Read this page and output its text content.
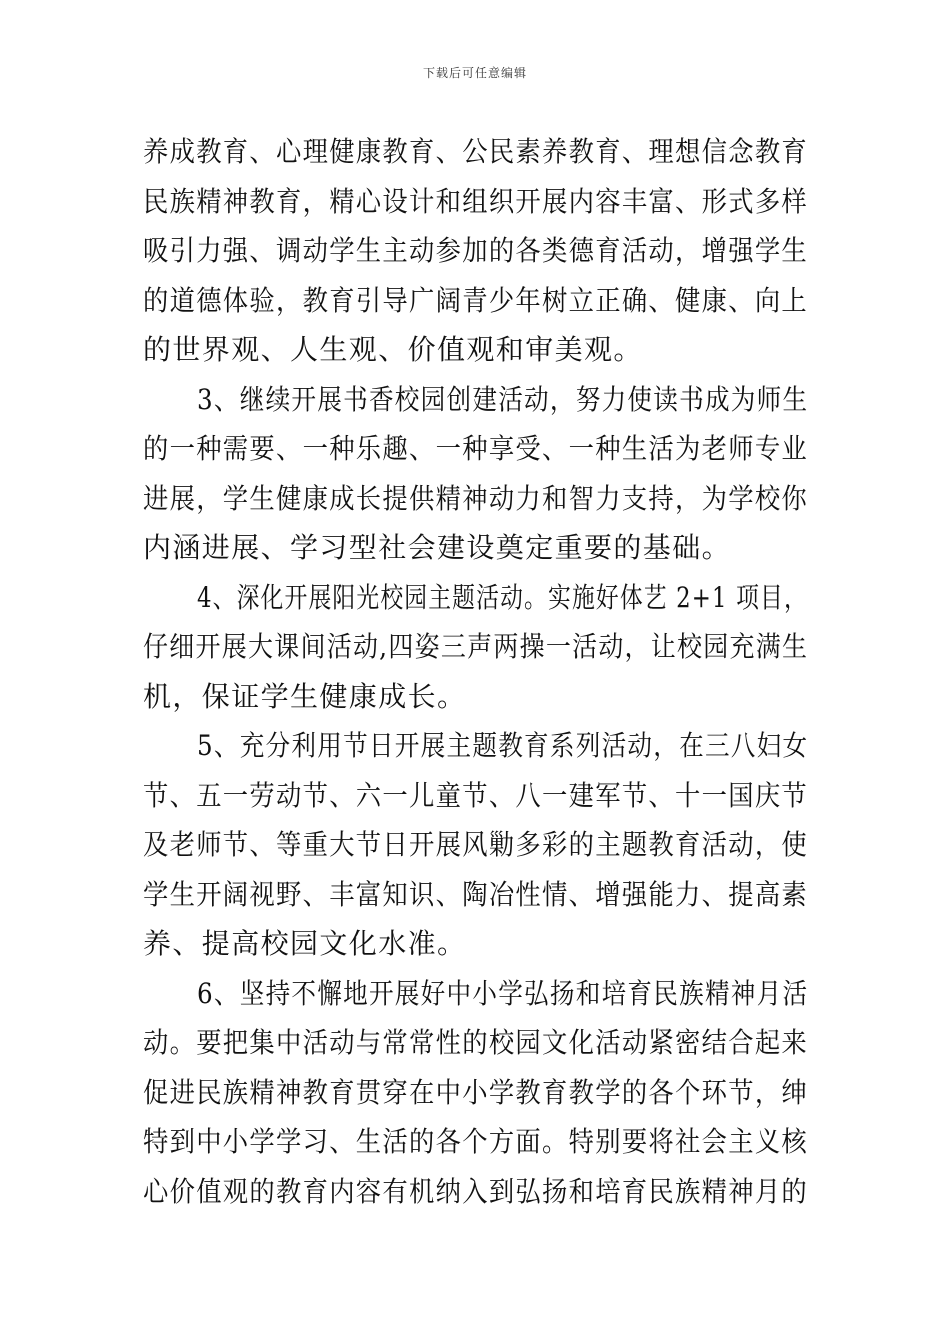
下载后可任意编辑
养成教育、心理健康教育、公民素养教育、理想信念教育
民族精神教育，精心设计和组织开展内容丰富、形式多样
吸引力强、调动学生主动参加的各类德育活动，增强学生
的道德体验，教育引导广阔青少年树立正确、健康、向上
的世界观、人生观、价值观和审美观。
3、继续开展书香校园创建活动，努力使读书成为师生
的一种需要、一种乐趣、一种享受、一种生活为老师专业
进展，学生健康成长提供精神动力和智力支持，为学校你
内涵进展、学习型社会建设奠定重要的基础。
4、深化开展阳光校园主题活动。实施好体艺 2+1 项目，
仔细开展大课间活动,四姿三声两操一活动，让校园充满生
机，保证学生健康成长。
5、充分利用节日开展主题教育系列活动，在三八妇女
节、五一劳动节、六一儿童节、八一建军节、十一国庆节
及老师节、等重大节日开展风勦多彩的主题教育活动，使
学生开阔视野、丰富知识、陶冶性情、增强能力、提高素
养、提高校园文化水准。
6、坚持不懈地开展好中小学弘扬和培育民族精神月活
动。要把集中活动与常常性的校园文化活动紧密结合起来
促进民族精神教育贯穿在中小学教育教学的各个环节，绅
特到中小学学习、生活的各个方面。特别要将社会主义核
心价值观的教育内容有机纳入到弘扬和培育民族精神月的
